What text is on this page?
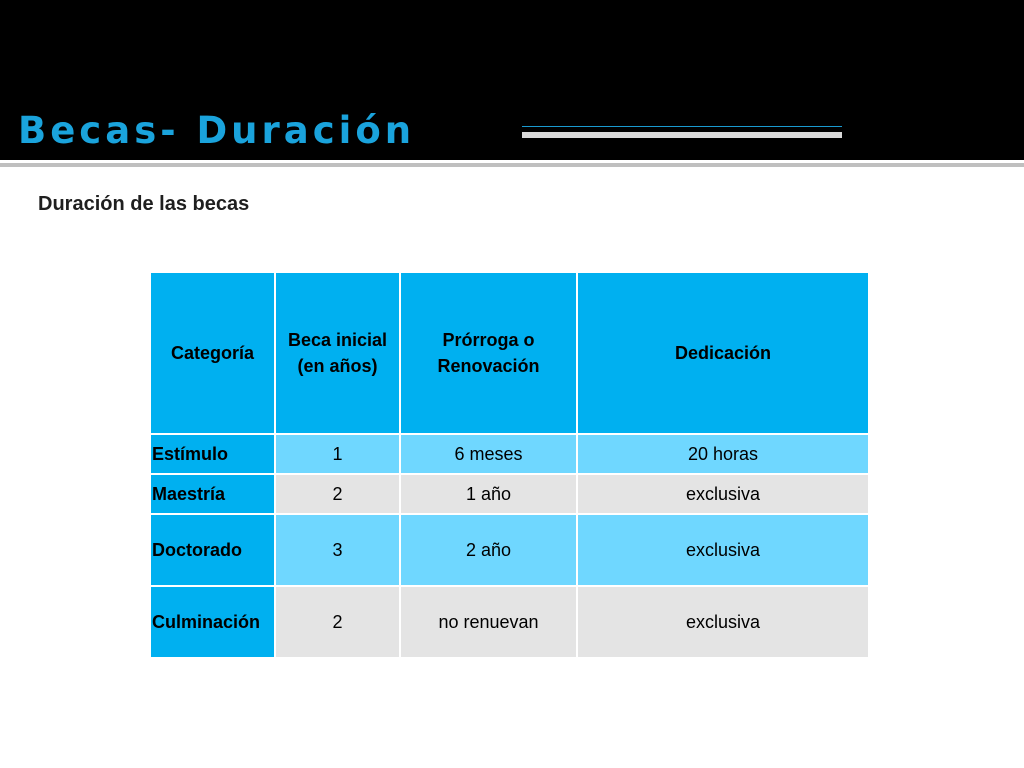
Becas- Duración
Duración de las becas
Categoría	Beca inicial (en años)	Prórroga o Renovación	Dedicación
Estímulo	1	6 meses	20 horas
Maestría	2	1 año	exclusiva
Doctorado	3	2 año	exclusiva
Culminación	2	no renuevan	exclusiva
